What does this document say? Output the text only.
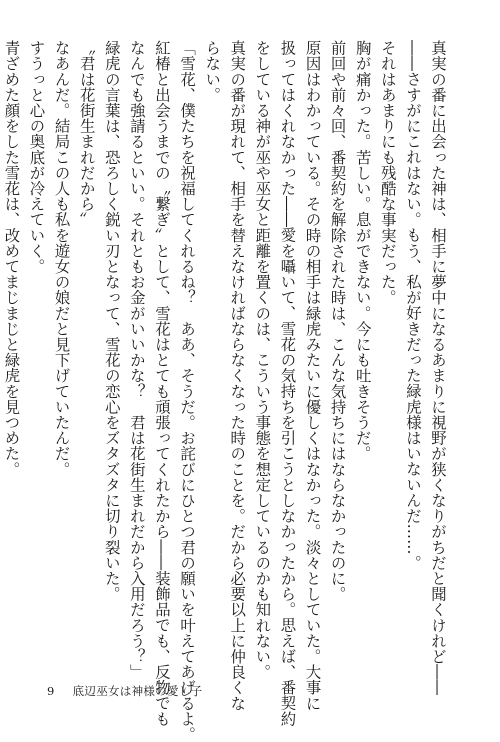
真実の番に出会った神は、相手に夢中になるあまりに視野が狭くなりがちだと聞くけれど――

――さすがにこれはない。もう、私が好きだった緑虎様はいないんだ……。

それはあまりにも残酷な事実だった。

胸が痛かった。苦しい。息ができない。今にも吐きそうだ。

前回や前々回、番契約を解除された時は、こんな気持ちにはならなかったのに。

原因はわかっている。その時の相手は緑虎みたいに優しくはなかった。淡々としていた。大事に

扱ってはくれなかった――愛を囁いて、雪花の気持ちを引こうとしなかったから。思えば、番契約

をしている神が巫や巫女と距離を置くのは、こういう事態を想定しているのかも知れない。

真実の番が現れて、相手を替えなければならなくなった時のことを。だから必要以上に仲良くな

らない。

「雪花、僕たちを祝福してくれるね？　ああ、そうだ。お詫びにひとつ君の願いを叶えてあげるよ。

紅椿と出会うまでの〝繋ぎ〟として、雪花はとても頑張ってくれたから――装飾品でも、反物でも

なんでも強請るといい。それともお金がいいかな？　君は花街生まれだから入用だろう？」

緑虎の言葉は、恐ろしく鋭い刃となって、雪花の恋心をズタズタに切り裂いた。

〝君は花街生まれだから〟

なあんだ。結局この人も私を遊女の娘だと見下げていたんだ。

すうっと心の奥底が冷えていく。

青ざめた顔をした雪花は、改めてまじまじと緑虎を見つめた。

9 底辺巫女は神様の愛し子
